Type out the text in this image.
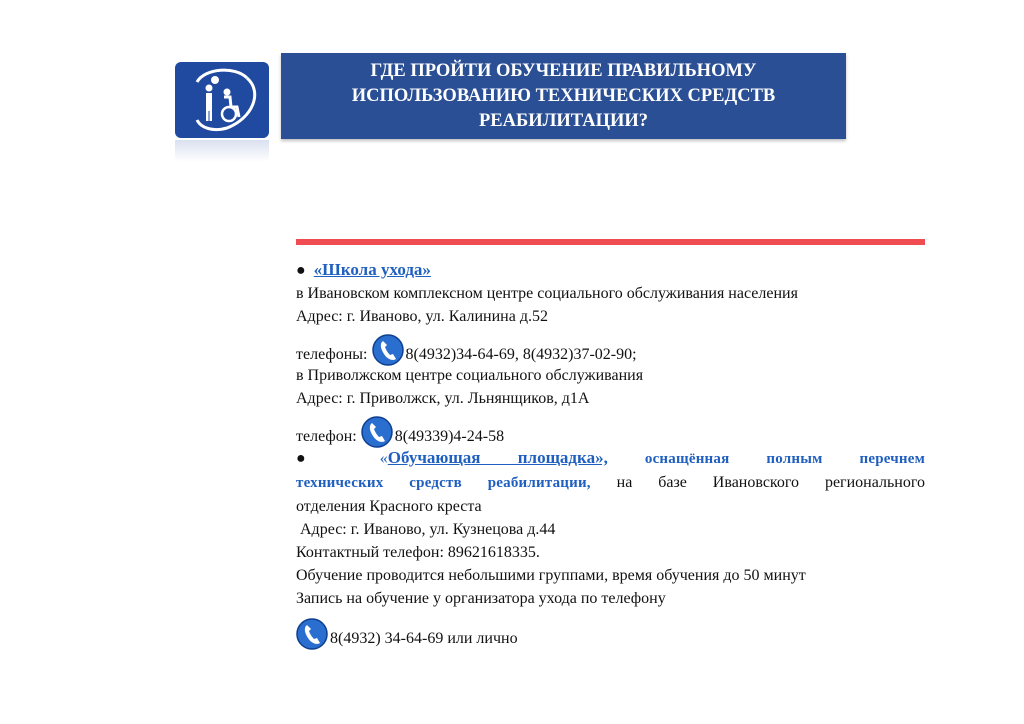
ГДЕ ПРОЙТИ ОБУЧЕНИЕ ПРАВИЛЬНОМУ
ИСПОЛЬЗОВАНИЮ ТЕХНИЧЕСКИХ СРЕДСТВ
РЕАБИЛИТАЦИИ?
● «Школа ухода»
в Ивановском комплексном центре социального обслуживания населения
Адрес: г. Иваново, ул. Калинина д.52
телефоны: 8(4932)34-64-69, 8(4932)37-02-90;
в Приволжском центре социального обслуживания
Адрес: г. Приволжск, ул. Льнянщиков, д1А
телефон: 8(49339)4-24-58
●	«Обучающая площадка», оснащённая полным перечнем
технических средств реабилитации, на базе Ивановского регионального
отделения Красного креста
Адрес: г. Иваново, ул. Кузнецова д.44
Контактный телефон: 89621618335.
Обучение проводится небольшими группами, время обучения до 50 минут
Запись на обучение у организатора ухода по телефону
8(4932) 34-64-69 или лично
